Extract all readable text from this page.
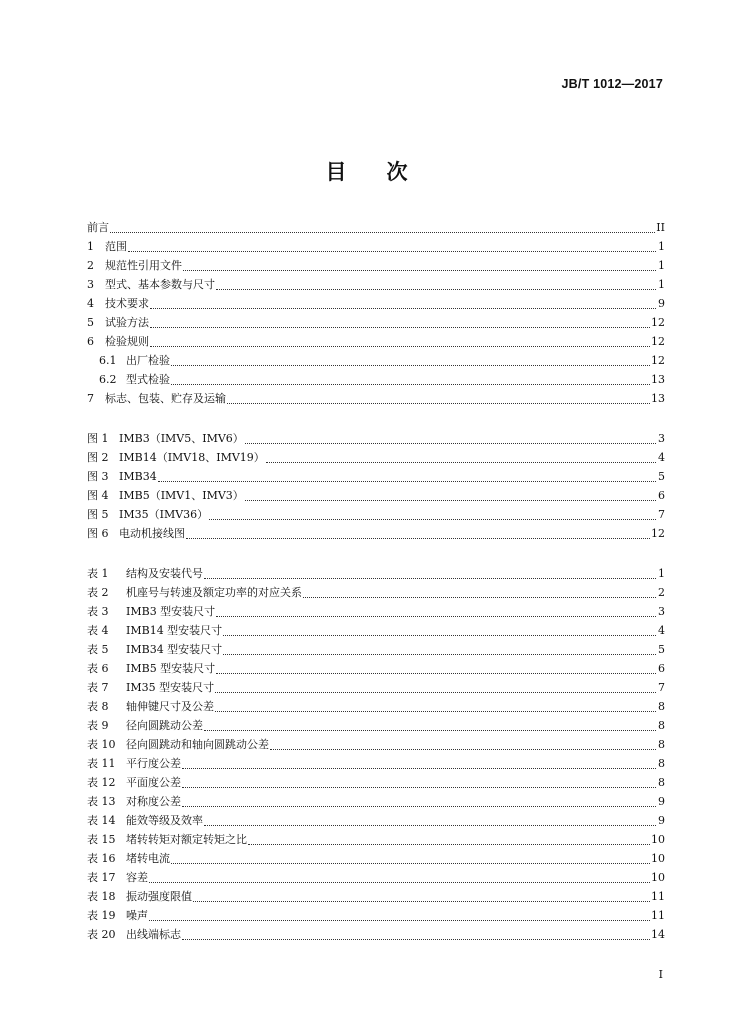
JB/T 1012—2017
目 次
前言	II
1	范围	1
2	规范性引用文件	1
3	型式、基本参数与尺寸	1
4	技术要求	9
5	试验方法	12
6	检验规则	12
6.1 出厂检验	12
6.2 型式检验	13
7	标志、包装、贮存及运输	13
图 1 IMB3（IMV5、IMV6）	3
图 2 IMB14（IMV18、IMV19）	4
图 3 IMB34	5
图 4 IMB5（IMV1、IMV3）	6
图 5 IM35（IMV36）	7
图 6 电动机接线图	12
表 1	结构及安装代号	1
表 2	机座号与转速及额定功率的对应关系	2
表 3	IMB3 型安装尺寸	3
表 4	IMB14 型安装尺寸	4
表 5	IMB34 型安装尺寸	5
表 6	IMB5 型安装尺寸	6
表 7	IM35 型安装尺寸	7
表 8	轴伸键尺寸及公差	8
表 9	径向圆跳动公差	8
表 10 径向圆跳动和轴向圆跳动公差	8
表 11 平行度公差	8
表 12 平面度公差	8
表 13 对称度公差	9
表 14 能效等级及效率	9
表 15 堵转转矩对额定转矩之比	10
表 16 堵转电流	10
表 17 容差	10
表 18 振动强度限值	11
表 19 噪声	11
表 20 出线端标志	14
I
